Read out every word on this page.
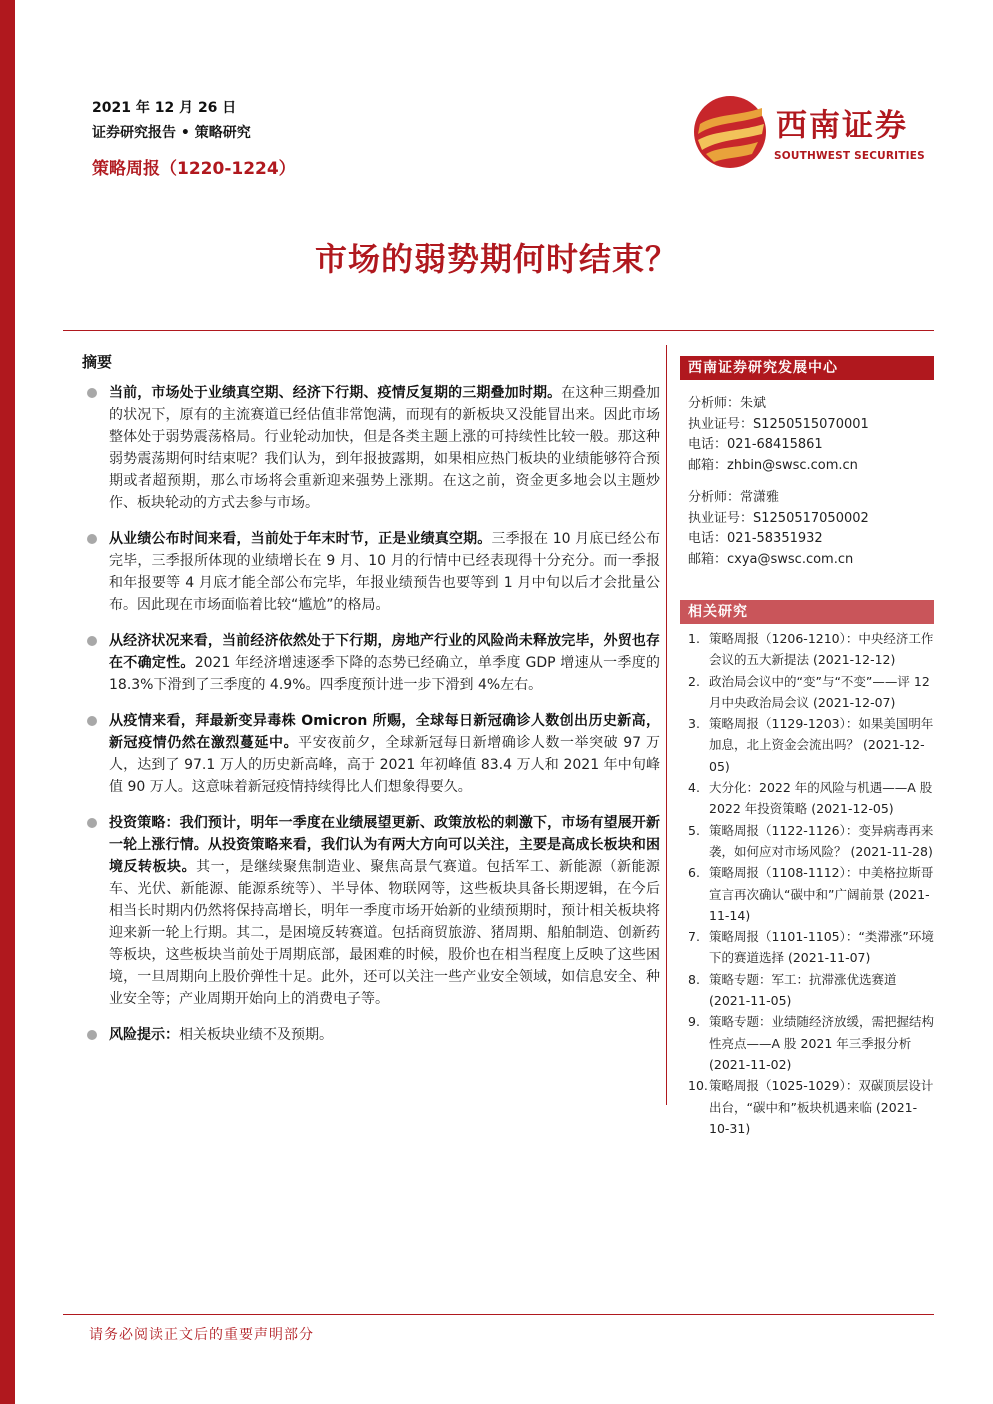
2021 年 12 月 26 日
证券研究报告 • 策略研究
策略周报（1220-1224）
西南证券
SOUTHWEST SECURITIES
市场的弱势期何时结束？
摘要
当前，市场处于业绩真空期、经济下行期、疫情反复期的三期叠加时期。在这种三期叠加的状况下，原有的主流赛道已经估值非常饱满，而现有的新板块又没能冒出来。因此市场整体处于弱势震荡格局。行业轮动加快，但是各类主题上涨的可持续性比较一般。那这种弱势震荡期何时结束呢？我们认为，到年报披露期，如果相应热门板块的业绩能够符合预期或者超预期，那么市场将会重新迎来强势上涨期。在这之前，资金更多地会以主题炒作、板块轮动的方式去参与市场。
从业绩公布时间来看，当前处于年末时节，正是业绩真空期。三季报在 10 月底已经公布完毕，三季报所体现的业绩增长在 9 月、10 月的行情中已经表现得十分充分。而一季报和年报要等 4 月底才能全部公布完毕，年报业绩预告也要等到 1 月中旬以后才会批量公布。因此现在市场面临着比较“尴尬”的格局。
从经济状况来看，当前经济依然处于下行期，房地产行业的风险尚未释放完毕，外贸也存在不确定性。2021 年经济增速逐季下降的态势已经确立，单季度 GDP 增速从一季度的 18.3%下滑到了三季度的 4.9%。四季度预计进一步下滑到 4%左右。
从疫情来看，拜最新变异毒株 Omicron 所赐，全球每日新冠确诊人数创出历史新高，新冠疫情仍然在激烈蔓延中。平安夜前夕，全球新冠每日新增确诊人数一举突破 97 万人，达到了 97.1 万人的历史新高峰，高于 2021 年初峰值 83.4 万人和 2021 年中旬峰值 90 万人。这意味着新冠疫情持续得比人们想象得要久。
投资策略：我们预计，明年一季度在业绩展望更新、政策放松的刺激下，市场有望展开新一轮上涨行情。从投资策略来看，我们认为有两大方向可以关注，主要是高成长板块和困境反转板块。其一，是继续聚焦制造业、聚焦高景气赛道。包括军工、新能源（新能源车、光伏、新能源、能源系统等）、半导体、物联网等，这些板块具备长期逻辑，在今后相当长时期内仍然将保持高增长，明年一季度市场开始新的业绩预期时，预计相关板块将迎来新一轮上行期。其二，是困境反转赛道。包括商贸旅游、猪周期、船舶制造、创新药等板块，这些板块当前处于周期底部，最困难的时候，股价也在相当程度上反映了这些困境，一旦周期向上股价弹性十足。此外，还可以关注一些产业安全领域，如信息安全、种业安全等；产业周期开始向上的消费电子等。
风险提示：相关板块业绩不及预期。
西南证券研究发展中心
分析师：朱斌
执业证号：S1250515070001
电话：021-68415861
邮箱：zhbin@swsc.com.cn
分析师：常潇雅
执业证号：S1250517050002
电话：021-58351932
邮箱：cxya@swsc.com.cn
相关研究
1. 策略周报（1206-1210）：中央经济工作会议的五大新提法 (2021-12-12)
2. 政治局会议中的“变”与“不变”——评 12 月中央政治局会议 (2021-12-07)
3. 策略周报（1129-1203）：如果美国明年加息，北上资金会流出吗？ (2021-12-05)
4. 大分化：2022 年的风险与机遇——A 股 2022 年投资策略 (2021-12-05)
5. 策略周报（1122-1126）：变异病毒再来袭，如何应对市场风险？ (2021-11-28)
6. 策略周报（1108-1112）：中美格拉斯哥宣言再次确认“碳中和”广阔前景 (2021-11-14)
7. 策略周报（1101-1105）：“类滞涨”环境下的赛道选择 (2021-11-07)
8. 策略专题：军工：抗滞涨优选赛道 (2021-11-05)
9. 策略专题：业绩随经济放缓，需把握结构性亮点——A 股 2021 年三季报分析 (2021-11-02)
10. 策略周报（1025-1029）：双碳顶层设计出台，“碳中和”板块机遇来临 (2021-10-31)
请务必阅读正文后的重要声明部分
